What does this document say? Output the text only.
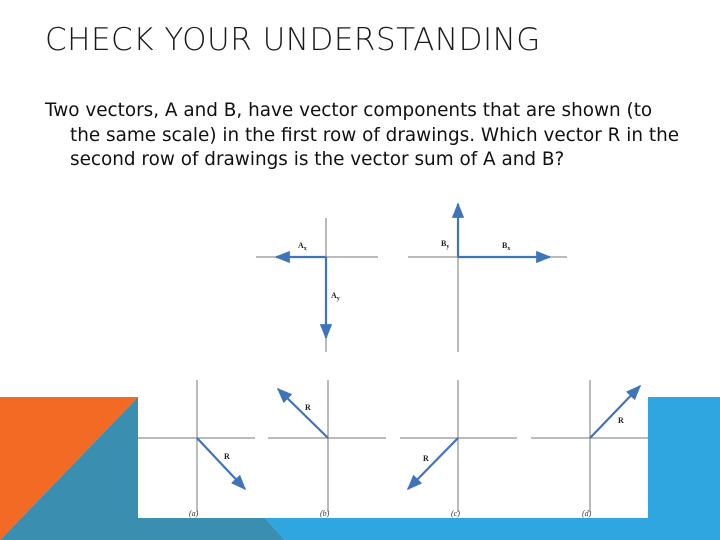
CHECK YOUR UNDERSTANDING
Two vectors, A and B, have vector components that are shown (to the same scale) in the first row of drawings. Which vector R in the second row of drawings is the vector sum of A and B?
$A_x$
$A_y$
$B_y$	$B_x$
R
(a)
R
(b)
R
(c)
R
(d)
